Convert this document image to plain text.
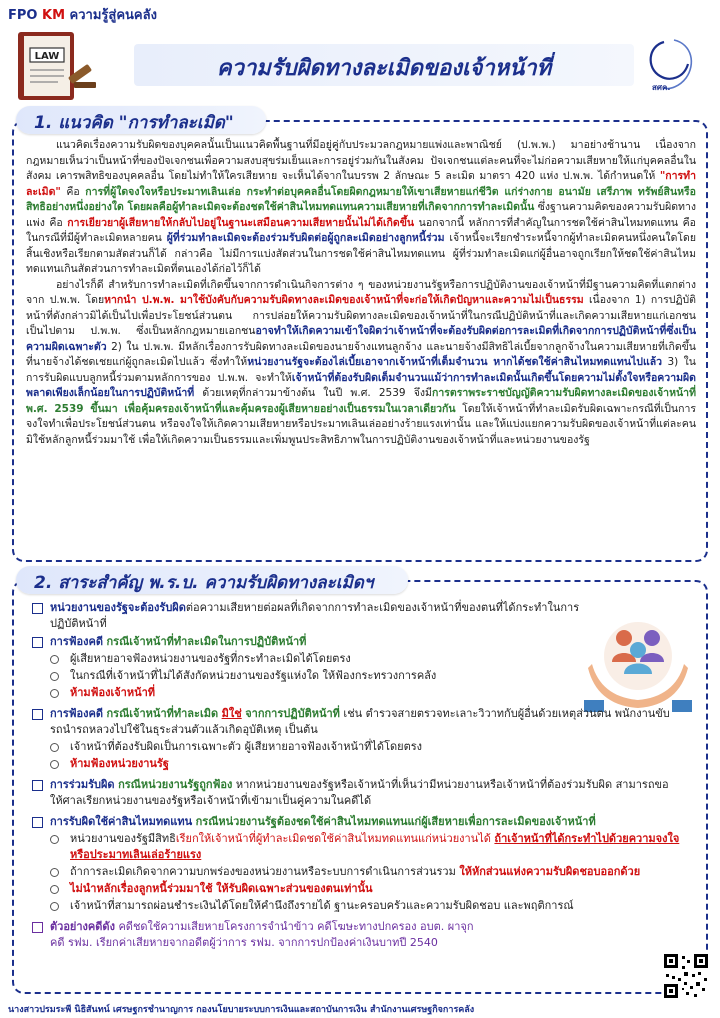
FPO KM ความรู้สู่คนคลัง
LAW	ความรับผิดทางละเมิดของเจ้าหน้าที่
สศค.
1. แนวคิด "การทำละเมิด"

แนวคิดเรื่องความรับผิดของบุคคลนั้นเป็นแนวคิดพื้นฐานที่มีอยู่คู่กับประมวลกฎหมายแพ่งและพาณิชย์ (ป.พ.พ.) มาอย่างช้านาน เนื่องจากกฎหมายเห็นว่าเป็นหน้าที่ของปัจเจกชนเพื่อความสงบสุขร่มเย็นและการอยู่ร่วมกันในสังคม ปัจเจกชนแต่ละคนที่จะไม่ก่อความเสียหายให้แก่บุคคลอื่นในสังคม เคารพสิทธิของบุคคลอื่น โดยไม่ทำให้ใครเสียหาย จะเห็นได้จากในบรรพ 2 ลักษณะ 5 ละเมิด มาตรา 420 แห่ง ป.พ.พ. ได้กำหนดให้ "การทำละเมิด" คือ การที่ผู้ใดจงใจหรือประมาทเลินเล่อ กระทำต่อบุคคลอื่นโดยผิดกฎหมายให้เขาเสียหายแก่ชีวิต แก่ร่างกาย อนามัย เสรีภาพ ทรัพย์สินหรือสิทธิอย่างหนึ่งอย่างใด โดยผลคือผู้ทำละเมิดจะต้องชดใช้ค่าสินไหมทดแทนความเสียหายที่เกิดจากการทำละเมิดนั้น ซึ่งฐานความคิดของความรับผิดทางแพ่ง คือ การเยียวยาผู้เสียหายให้กลับไปอยู่ในฐานะเสมือนความเสียหายนั้นไม่ได้เกิดขึ้น นอกจากนี้ หลักการที่สำคัญในการชดใช้ค่าสินไหมทดแทน คือ ในกรณีที่มีผู้ทำละเมิดหลายคน ผู้ที่ร่วมทำละเมิดจะต้องร่วมรับผิดต่อผู้ถูกละเมิดอย่างลูกหนี้ร่วม เจ้าหนี้จะเรียกชำระหนี้จากผู้ทำละเมิดคนหนึ่งคนใดโดยสิ้นเชิงหรือเรียกตามสัดส่วนก็ได้ กล่าวคือ ไม่มีการแบ่งสัดส่วนในการชดใช้ค่าสินไหมทดแทน ผู้ที่ร่วมทำละเมิดแก่ผู้อื่นอาจถูกเรียกให้ชดใช้ค่าสินไหมทดแทนเกินสัดส่วนการทำละเมิดที่ตนเองได้ก่อไว้ก็ได้

อย่างไรก็ดี สำหรับการทำละเมิดที่เกิดขึ้นจากการดำเนินกิจการต่าง ๆ ของหน่วยงานรัฐหรือการปฏิบัติงานของเจ้าหน้าที่มีฐานความคิดที่แตกต่างจาก ป.พ.พ. โดยหากนำ ป.พ.พ. มาใช้บังคับกับความรับผิดทางละเมิดของเจ้าหน้าที่จะก่อให้เกิดปัญหาและความไม่เป็นธรรม เนื่องจาก 1) การปฏิบัติหน้าที่ดังกล่าวมิได้เป็นไปเพื่อประโยชน์ส่วนตน การปล่อยให้ความรับผิดทางละเมิดของเจ้าหน้าที่ในกรณีปฏิบัติหน้าที่และเกิดความเสียหายแก่เอกชนเป็นไปตาม ป.พ.พ. ซึ่งเป็นหลักกฎหมายเอกชนอาจทำให้เกิดความเข้าใจผิดว่าเจ้าหน้าที่จะต้องรับผิดต่อการละเมิดที่เกิดจากการปฏิบัติหน้าที่ซึ่งเป็นความผิดเฉพาะตัว 2) ใน ป.พ.พ. มีหลักเรื่องการรับผิดทางละเมิดของนายจ้างแทนลูกจ้าง และนายจ้างมีสิทธิไล่เบี้ยจากลูกจ้างในความเสียหายที่เกิดขึ้นที่นายจ้างได้ชดเชยแก่ผู้ถูกละเมิดไปแล้ว ซึ่งทำให้หน่วยงานรัฐจะต้องไล่เบี้ยเอาจากเจ้าหน้าที่เต็มจำนวน หากได้ชดใช้ค่าสินไหมทดแทนไปแล้ว 3) ในการรับผิดแบบลูกหนี้ร่วมตามหลักการของ ป.พ.พ. จะทำให้เจ้าหน้าที่ต้องรับผิดเต็มจำนวนแม้ว่าการทำละเมิดนั้นเกิดขึ้นโดยความไม่ตั้งใจหรือความผิดพลาดเพียงเล็กน้อยในการปฏิบัติหน้าที่ ด้วยเหตุที่กล่าวมาข้างต้น ในปี พ.ศ. 2539 จึงมีการตราพระราชบัญญัติความรับผิดทางละเมิดของเจ้าหน้าที่ พ.ศ. 2539 ขึ้นมา เพื่อคุ้มครองเจ้าหน้าที่และคุ้มครองผู้เสียหายอย่างเป็นธรรมในเวลาเดียวกัน โดยให้เจ้าหน้าที่ทำละเมิดรับผิดเฉพาะกรณีที่เป็นการจงใจทำเพื่อประโยชน์ส่วนตน หรือจงใจให้เกิดความเสียหายหรือประมาทเลินเล่ออย่างร้ายแรงเท่านั้น และให้แบ่งแยกความรับผิดของเจ้าหน้าที่แต่ละคน มิใช้หลักลูกหนี้ร่วมมาใช้ เพื่อให้เกิดความเป็นธรรมและเพิ่มพูนประสิทธิภาพในการปฏิบัติงานของเจ้าหน้าที่และหน่วยงานของรัฐ

2. สาระสำคัญ พ.ร.บ. ความรับผิดทางละเมิดฯ
หน่วยงานของรัฐจะต้องรับผิดต่อความเสียหายต่อผลที่เกิดจากการทำละเมิดของเจ้าหน้าที่ของตนที่ได้กระทำในการปฏิบัติหน้าที่
การฟ้องคดี กรณีเจ้าหน้าที่ทำละเมิดในการปฏิบัติหน้าที่
ผู้เสียหายอาจฟ้องหน่วยงานของรัฐที่กระทำละเมิดได้โดยตรง
ในกรณีที่เจ้าหน้าที่ไม่ได้สังกัดหน่วยงานของรัฐแห่งใด ให้ฟ้องกระทรวงการคลัง
ห้ามฟ้องเจ้าหน้าที่
การฟ้องคดี กรณีเจ้าหน้าที่ทำละเมิด มิใช่ จากการปฏิบัติหน้าที่ เช่น ตำรวจสายตรวจทะเลาะวิวาทกับผู้อื่นด้วยเหตุส่วนตน พนักงานขับรถนำรถหลวงไปใช้ในธุระส่วนตัวแล้วเกิดอุบัติเหตุ เป็นต้น
เจ้าหน้าที่ต้องรับผิดเป็นการเฉพาะตัว ผู้เสียหายอาจฟ้องเจ้าหน้าที่ได้โดยตรง
ห้ามฟ้องหน่วยงานรัฐ
การร่วมรับผิด กรณีหน่วยงานรัฐถูกฟ้อง หากหน่วยงานของรัฐหรือเจ้าหน้าที่เห็นว่ามีหน่วยงานหรือเจ้าหน้าที่ต้องร่วมรับผิด สามารถขอให้ศาลเรียกหน่วยงานของรัฐหรือเจ้าหน้าที่เข้ามาเป็นคู่ความในคดีได้
การรับผิดใช้ค่าสินไหมทดแทน กรณีหน่วยงานรัฐต้องชดใช้ค่าสินไหมทดแทนแก่ผู้เสียหายเพื่อการละเมิดของเจ้าหน้าที่
หน่วยงานของรัฐมีสิทธิเรียกให้เจ้าหน้าที่ผู้ทำละเมิดชดใช้ค่าสินไหมทดแทนแก่หน่วยงานได้ ถ้าเจ้าหน้าที่ได้กระทำไปด้วยความจงใจหรือประมาทเลินเล่อร้ายแรง
ถ้าการละเมิดเกิดจากความบกพร่องของหน่วยงานหรือระบบการดำเนินการส่วนรวม ให้หักส่วนแห่งความรับผิดชอบออกด้วย
ไม่นำหลักเรื่องลูกหนี้ร่วมมาใช้ ให้รับผิดเฉพาะส่วนของตนเท่านั้น
เจ้าหน้าที่สามารถผ่อนชำระเงินได้โดยให้คำนึงถึงรายได้ ฐานะครอบครัวและความรับผิดชอบ และพฤติการณ์
ตัวอย่างคดีดัง คดีชดใช้ความเสียหายโครงการจำนำข้าว คดีโฆษะทางปกครอง อบต. ผาจุก
คดี รฟม. เรียกค่าเสียหายจากอดีตผู้ว่าการ รฟม. จากการปกป้องค่าเงินบาทปี 2540
นางสาวปรมระพี นิธิสันทน์ เศรษฐกรชำนาญการ กองนโยบายระบบการเงินและสถาบันการเงิน สำนักงานเศรษฐกิจการคลัง
